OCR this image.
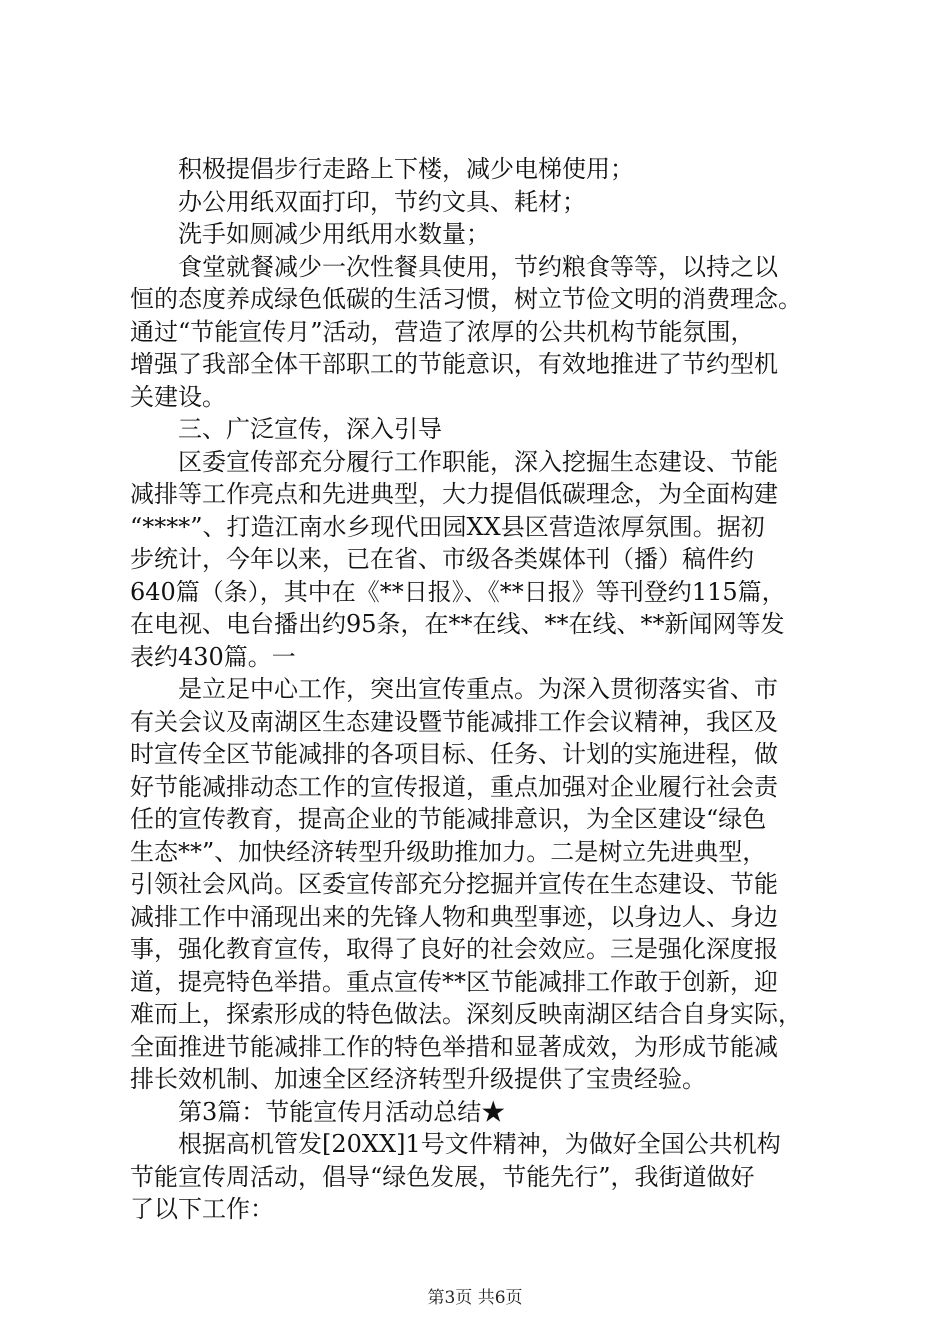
积极提倡步行走路上下楼，减少电梯使用；
办公用纸双面打印，节约文具、耗材；
洗手如厕减少用纸用水数量；
食堂就餐减少一次性餐具使用，节约粮食等等，以持之以
恒的态度养成绿色低碳的生活习惯，树立节俭文明的消费理念。
通过“节能宣传月”活动，营造了浓厚的公共机构节能氛围，
增强了我部全体干部职工的节能意识，有效地推进了节约型机
关建设。
三、广泛宣传，深入引导
区委宣传部充分履行工作职能，深入挖掘生态建设、节能
减排等工作亮点和先进典型，大力提倡低碳理念，为全面构建
“****”、打造江南水乡现代田园XX县区营造浓厚氛围。据初
步统计，今年以来，已在省、市级各类媒体刊（播）稿件约
640篇（条），其中在《**日报》、《**日报》等刊登约115篇，
在电视、电台播出约95条，在**在线、**在线、**新闻网等发
表约430篇。一
是立足中心工作，突出宣传重点。为深入贯彻落实省、市
有关会议及南湖区生态建设暨节能减排工作会议精神，我区及
时宣传全区节能减排的各项目标、任务、计划的实施进程，做
好节能减排动态工作的宣传报道，重点加强对企业履行社会责
任的宣传教育，提高企业的节能减排意识，为全区建设“绿色
生态**”、加快经济转型升级助推加力。二是树立先进典型，
引领社会风尚。区委宣传部充分挖掘并宣传在生态建设、节能
减排工作中涌现出来的先锋人物和典型事迹，以身边人、身边
事，强化教育宣传，取得了良好的社会效应。三是强化深度报
道，提亮特色举措。重点宣传**区节能减排工作敢于创新，迎
难而上，探索形成的特色做法。深刻反映南湖区结合自身实际，
全面推进节能减排工作的特色举措和显著成效，为形成节能减
排长效机制、加速全区经济转型升级提供了宝贵经验。
第3篇：节能宣传月活动总结★
根据高机管发[20XX]1号文件精神，为做好全国公共机构
节能宣传周活动，倡导“绿色发展，节能先行”，我街道做好
了以下工作：
第3页 共6页
